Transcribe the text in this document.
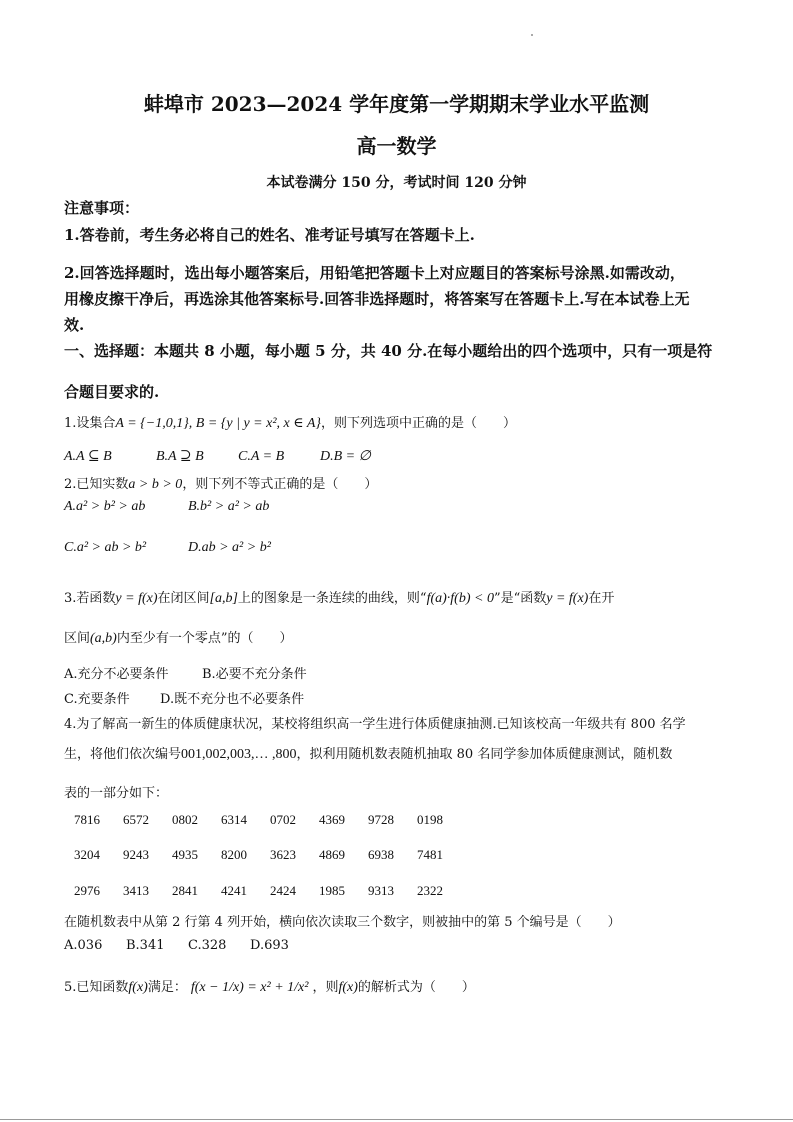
蚌埠市 2023—2024 学年度第一学期期末学业水平监测
高一数学
本试卷满分 150 分，考试时间 120 分钟
注意事项：
1.答卷前，考生务必将自己的姓名、准考证号填写在答题卡上.
2.回答选择题时，选出每小题答案后，用铅笔把答题卡上对应题目的答案标号涂黑.如需改动，
用橡皮擦干净后，再选涂其他答案标号.回答非选择题时，将答案写在答题卡上.写在本试卷上无
效.
一、选择题：本题共 8 小题，每小题 5 分，共 40 分.在每小题给出的四个选项中，只有一项是符
合题目要求的.
1.设集合A = {−1,0,1}, B = {y | y = x², x ∈ A}，则下列选项中正确的是（　　）
A.A ⊆ B	B.A ⊇ B C.A = B	D.B = ∅
2.已知实数a > b > 0，则下列不等式正确的是（　　）
A.a² > b² > ab	B.b² > a² > ab
C.a² > ab > b²	D.ab > a² > b²
3.若函数y = f(x)在闭区间[a,b]上的图象是一条连续的曲线，则“f(a)·f(b) < 0”是“函数y = f(x)在开
区间(a,b)内至少有一个零点”的（　　）
A.充分不必要条件	B.必要不充分条件
C.充要条件 D.既不充分也不必要条件
4.为了解高一新生的体质健康状况，某校将组织高一学生进行体质健康抽测.已知该校高一年级共有 800 名学
生，将他们依次编号001,002,003,… ,800，拟利用随机数表随机抽取 80 名同学参加体质健康测试，随机数
表的一部分如下：
7816 6572 0802 6314 0702 4369 9728 0198
3204 9243 4935 8200 3623 4869 6938 7481
2976 3413 2841 4241 2424 1985 9313 2322
在随机数表中从第 2 行第 4 列开始，横向依次读取三个数字，则被抽中的第 5 个编号是（　　）
A.036 B.341 C.328 D.693
5.已知函数f(x)满足： f(x − 1/x) = x² + 1/x² ，则f(x)的解析式为（　　）
